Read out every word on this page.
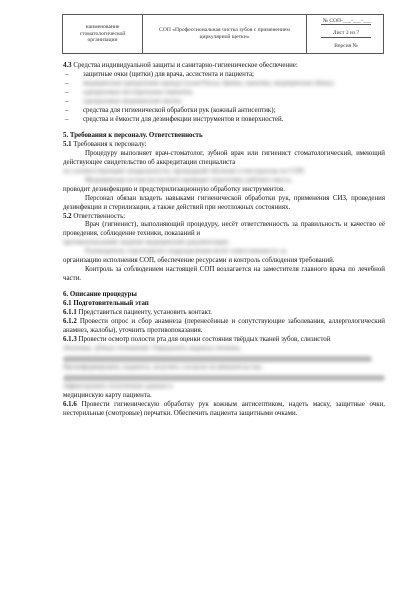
наименование стоматологической организации
СОП «Профессиональная чистка зубов с применением циркулярной щетки»
№ СОП-___-___-___
Лист 3 из 7
Версия №

4.3 Средства индивидуальной защиты и санитарно-гигиеническое обеспечение:

–	защитные очки (щитки) для врача, ассистента и пациента;
–	медицинская одноразовая одежда (халат/блуза, брюки, шапочка, медицинская обувь);
–	одноразовые нестерильные перчатки;
–	одноразовые медицинские маски;
–	средства для гигиенической обработки рук (кожный антисептик);
–	средства и ёмкости для дезинфекции инструментов и поверхностей.

5. Требования к персоналу. Ответственность

5.1 Требования к персоналу:

Процедуру выполняет врач-стоматолог, зубной врач или гигиенист стоматологический, имеющий действующее свидетельство об аккредитации специалиста

по соответствующей специальности, прошедший обучение и инструктаж по СОП.

Медицинская сестра (ассистент) проводит подготовку рабочего места,

проводит дезинфекцию и предстерилизационную обработку инструментов.

Персонал обязан владеть навыками гигиенической обработки рук, применения СИЗ, проведения дезинфекции и стерилизации, а также действий при неотложных состояниях.

5.2 Ответственность:

Врач (гигиенист), выполняющий процедуру, несёт ответственность за правильность и качество её проведения, соблюдение техники, показаний и

противопоказаний, ведение медицинской документации.

Руководитель структурного подразделения несёт ответственность за

организацию исполнения СОП, обеспечение ресурсами и контроль соблюдения требований.

Контроль за соблюдением настоящей СОП возлагается на заместителя главного врача по лечебной части.

6. Описание процедуры

6.1 Подготовительный этап

6.1.1 Представиться пациенту, установить контакт.

6.1.2 Провести опрос и сбор анамнеза (перенесённые и сопутствующие заболевания, аллергологический анамнез, жалобы), уточнить противопоказания.

6.1.3 Провести осмотр полости рта для оценки состояния твёрдых тканей зубов, слизистой

оболочки, зубных отложений. Определить индексы гигиены.

Проинформировать пациента, получить согласие на вмешательство.

Зафиксировать полученные данные в

медицинскую карту пациента.

6.1.6 Провести гигиеническую обработку рук кожным антисептиком, надеть маску, защитные очки, нестерильные (смотровые) перчатки. Обеспечить пациента защитными очками.
